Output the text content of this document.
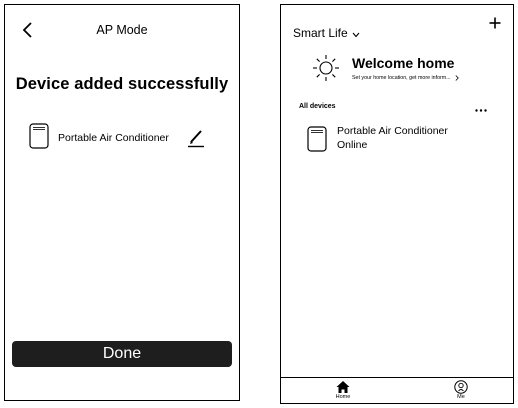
AP Mode
Device added successfully
Portable Air Conditioner
Done
Smart Life
Welcome home
Set your home location, get more inform...
All devices
Portable Air Conditioner
Online
Home	Me
